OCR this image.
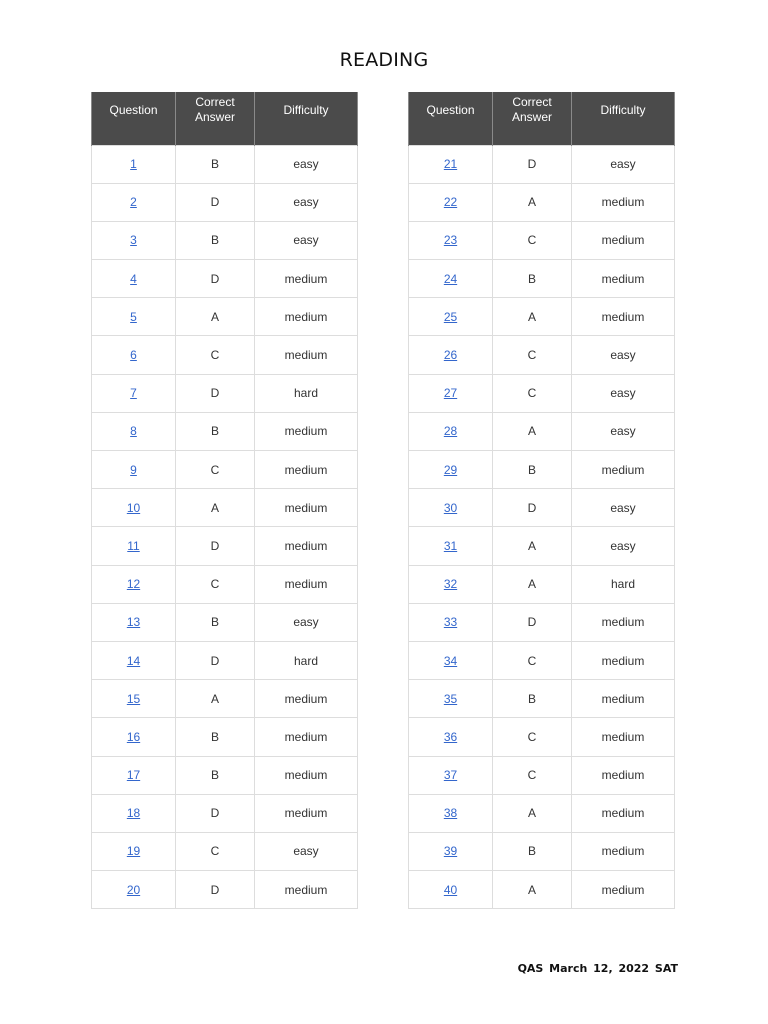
READING
Question	Correct Answer	Difficulty

1	B	easy
2	D	easy
3	B	easy
4	D	medium
5	A	medium
6	C	medium
7	D	hard
8	B	medium
9	C	medium
10	A	medium
11	D	medium
12	C	medium
13	B	easy
14	D	hard
15	A	medium
16	B	medium
17	B	medium
18	D	medium
19	C	easy
20	D	medium
Question	Correct Answer	Difficulty

21	D	easy
22	A	medium
23	C	medium
24	B	medium
25	A	medium
26	C	easy
27	C	easy
28	A	easy
29	B	medium
30	D	easy
31	A	easy
32	A	hard
33	D	medium
34	C	medium
35	B	medium
36	C	medium
37	C	medium
38	A	medium
39	B	medium
40	A	medium
QAS March 12, 2022 SAT
